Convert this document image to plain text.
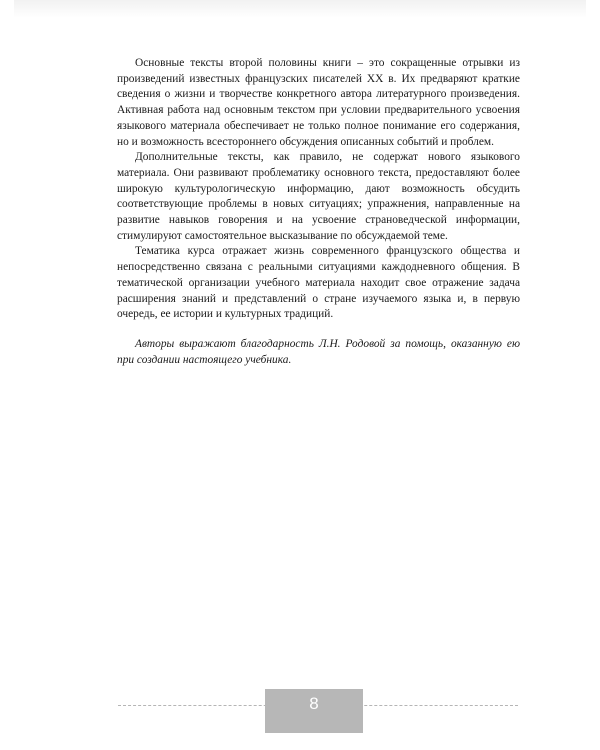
Основные тексты второй половины книги – это сокращенные отрывки из произведений известных французских писателей XX в. Их предваряют краткие сведения о жизни и творчестве конкретного автора литературного произведения. Активная работа над основным текстом при условии предварительного усвоения языкового материала обеспечивает не только полное понимание его содержания, но и возможность всестороннего обсуждения описанных событий и проблем.

Дополнительные тексты, как правило, не содержат нового языкового материала. Они развивают проблематику основного текста, предоставляют более широкую культурологическую информацию, дают возможность обсудить соответствующие проблемы в новых ситуациях; упражнения, направленные на развитие навыков говорения и на усвоение страноведческой информации, стимулируют самостоятельное высказывание по обсуждаемой теме.

Тематика курса отражает жизнь современного французского общества и непосредственно связана с реальными ситуациями каждодневного общения. В тематической организации учебного материала находит свое отражение задача расширения знаний и представлений о стране изучаемого языка и, в первую очередь, ее истории и культурных традиций.

Авторы выражают благодарность Л.Н. Родовой за помощь, оказанную ею при создании настоящего учебника.

8
